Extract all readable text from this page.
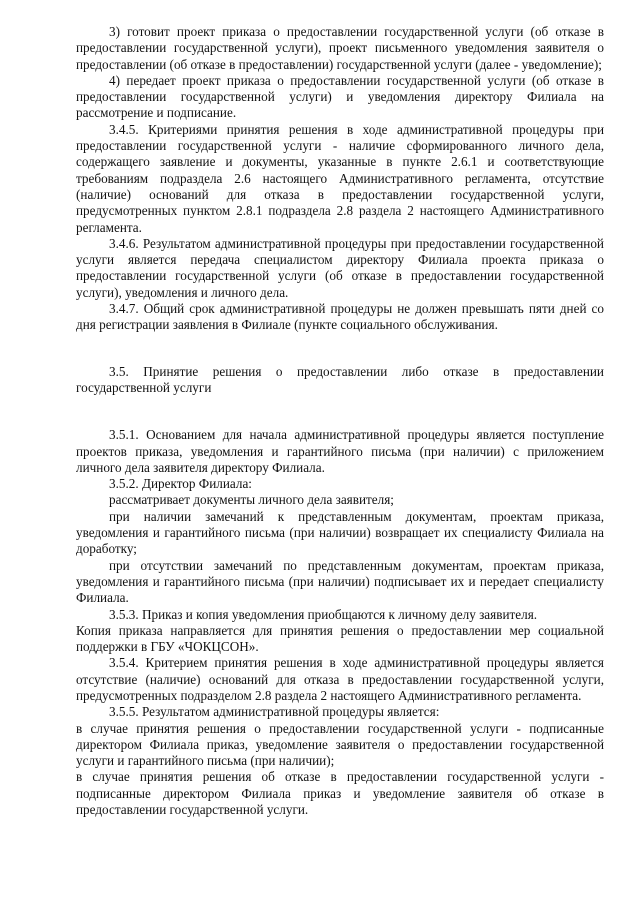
3) готовит проект приказа о предоставлении государственной услуги (об отказе в предоставлении государственной услуги), проект письменного уведомления заявителя о предоставлении (об отказе в предоставлении) государственной услуги (далее - уведомление);

4) передает проект приказа о предоставлении государственной услуги (об отказе в предоставлении государственной услуги) и уведомления директору Филиала на рассмотрение и подписание.

3.4.5. Критериями принятия решения в ходе административной процедуры при предоставлении государственной услуги - наличие сформированного личного дела, содержащего заявление и документы, указанные в пункте 2.6.1 и соответствующие требованиям подраздела 2.6 настоящего Административного регламента, отсутствие (наличие) оснований для отказа в предоставлении государственной услуги, предусмотренных пунктом 2.8.1 подраздела 2.8 раздела 2 настоящего Административного регламента.

3.4.6. Результатом административной процедуры при предоставлении государственной услуги является передача специалистом директору Филиала проекта приказа о предоставлении государственной услуги (об отказе в предоставлении государственной услуги), уведомления и личного дела.

3.4.7. Общий срок административной процедуры не должен превышать пяти дней со дня регистрации заявления в Филиале (пункте социального обслуживания.

3.5. Принятие решения о предоставлении либо отказе в предоставлении государственной услуги

3.5.1. Основанием для начала административной процедуры является поступление проектов приказа, уведомления и гарантийного письма (при наличии) с приложением личного дела заявителя директору Филиала.

3.5.2. Директор Филиала:

рассматривает документы личного дела заявителя;

при наличии замечаний к представленным документам, проектам приказа, уведомления и гарантийного письма (при наличии) возвращает их специалисту Филиала на доработку;

при отсутствии замечаний по представленным документам, проектам приказа, уведомления и гарантийного письма (при наличии) подписывает их и передает специалисту Филиала.

3.5.3. Приказ и копия уведомления приобщаются к личному делу заявителя.

Копия приказа направляется для принятия решения о предоставлении мер социальной поддержки в ГБУ «ЧОКЦСОН».

3.5.4. Критерием принятия решения в ходе административной процедуры является отсутствие (наличие) оснований для отказа в предоставлении государственной услуги, предусмотренных подразделом 2.8 раздела 2 настоящего Административного регламента.

3.5.5. Результатом административной процедуры является:

в случае принятия решения о предоставлении государственной услуги - подписанные директором Филиала приказ, уведомление заявителя о предоставлении государственной услуги и гарантийного письма (при наличии);

в случае принятия решения об отказе в предоставлении государственной услуги - подписанные директором Филиала приказ и уведомление заявителя об отказе в предоставлении государственной услуги.
